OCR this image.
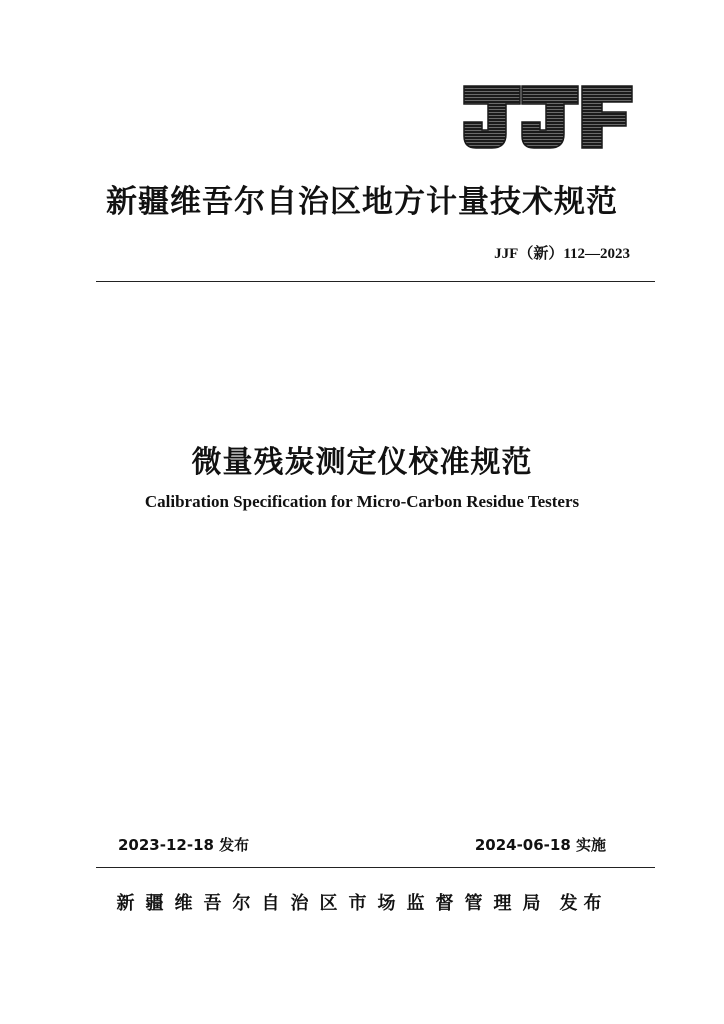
JJF
新疆维吾尔自治区地方计量技术规范
JJF（新）112—2023
微量残炭测定仪校准规范
Calibration Specification for Micro-Carbon Residue Testers
2023-12-18 发布	2024-06-18 实施
新疆维吾尔自治区市场监督管理局 发布
